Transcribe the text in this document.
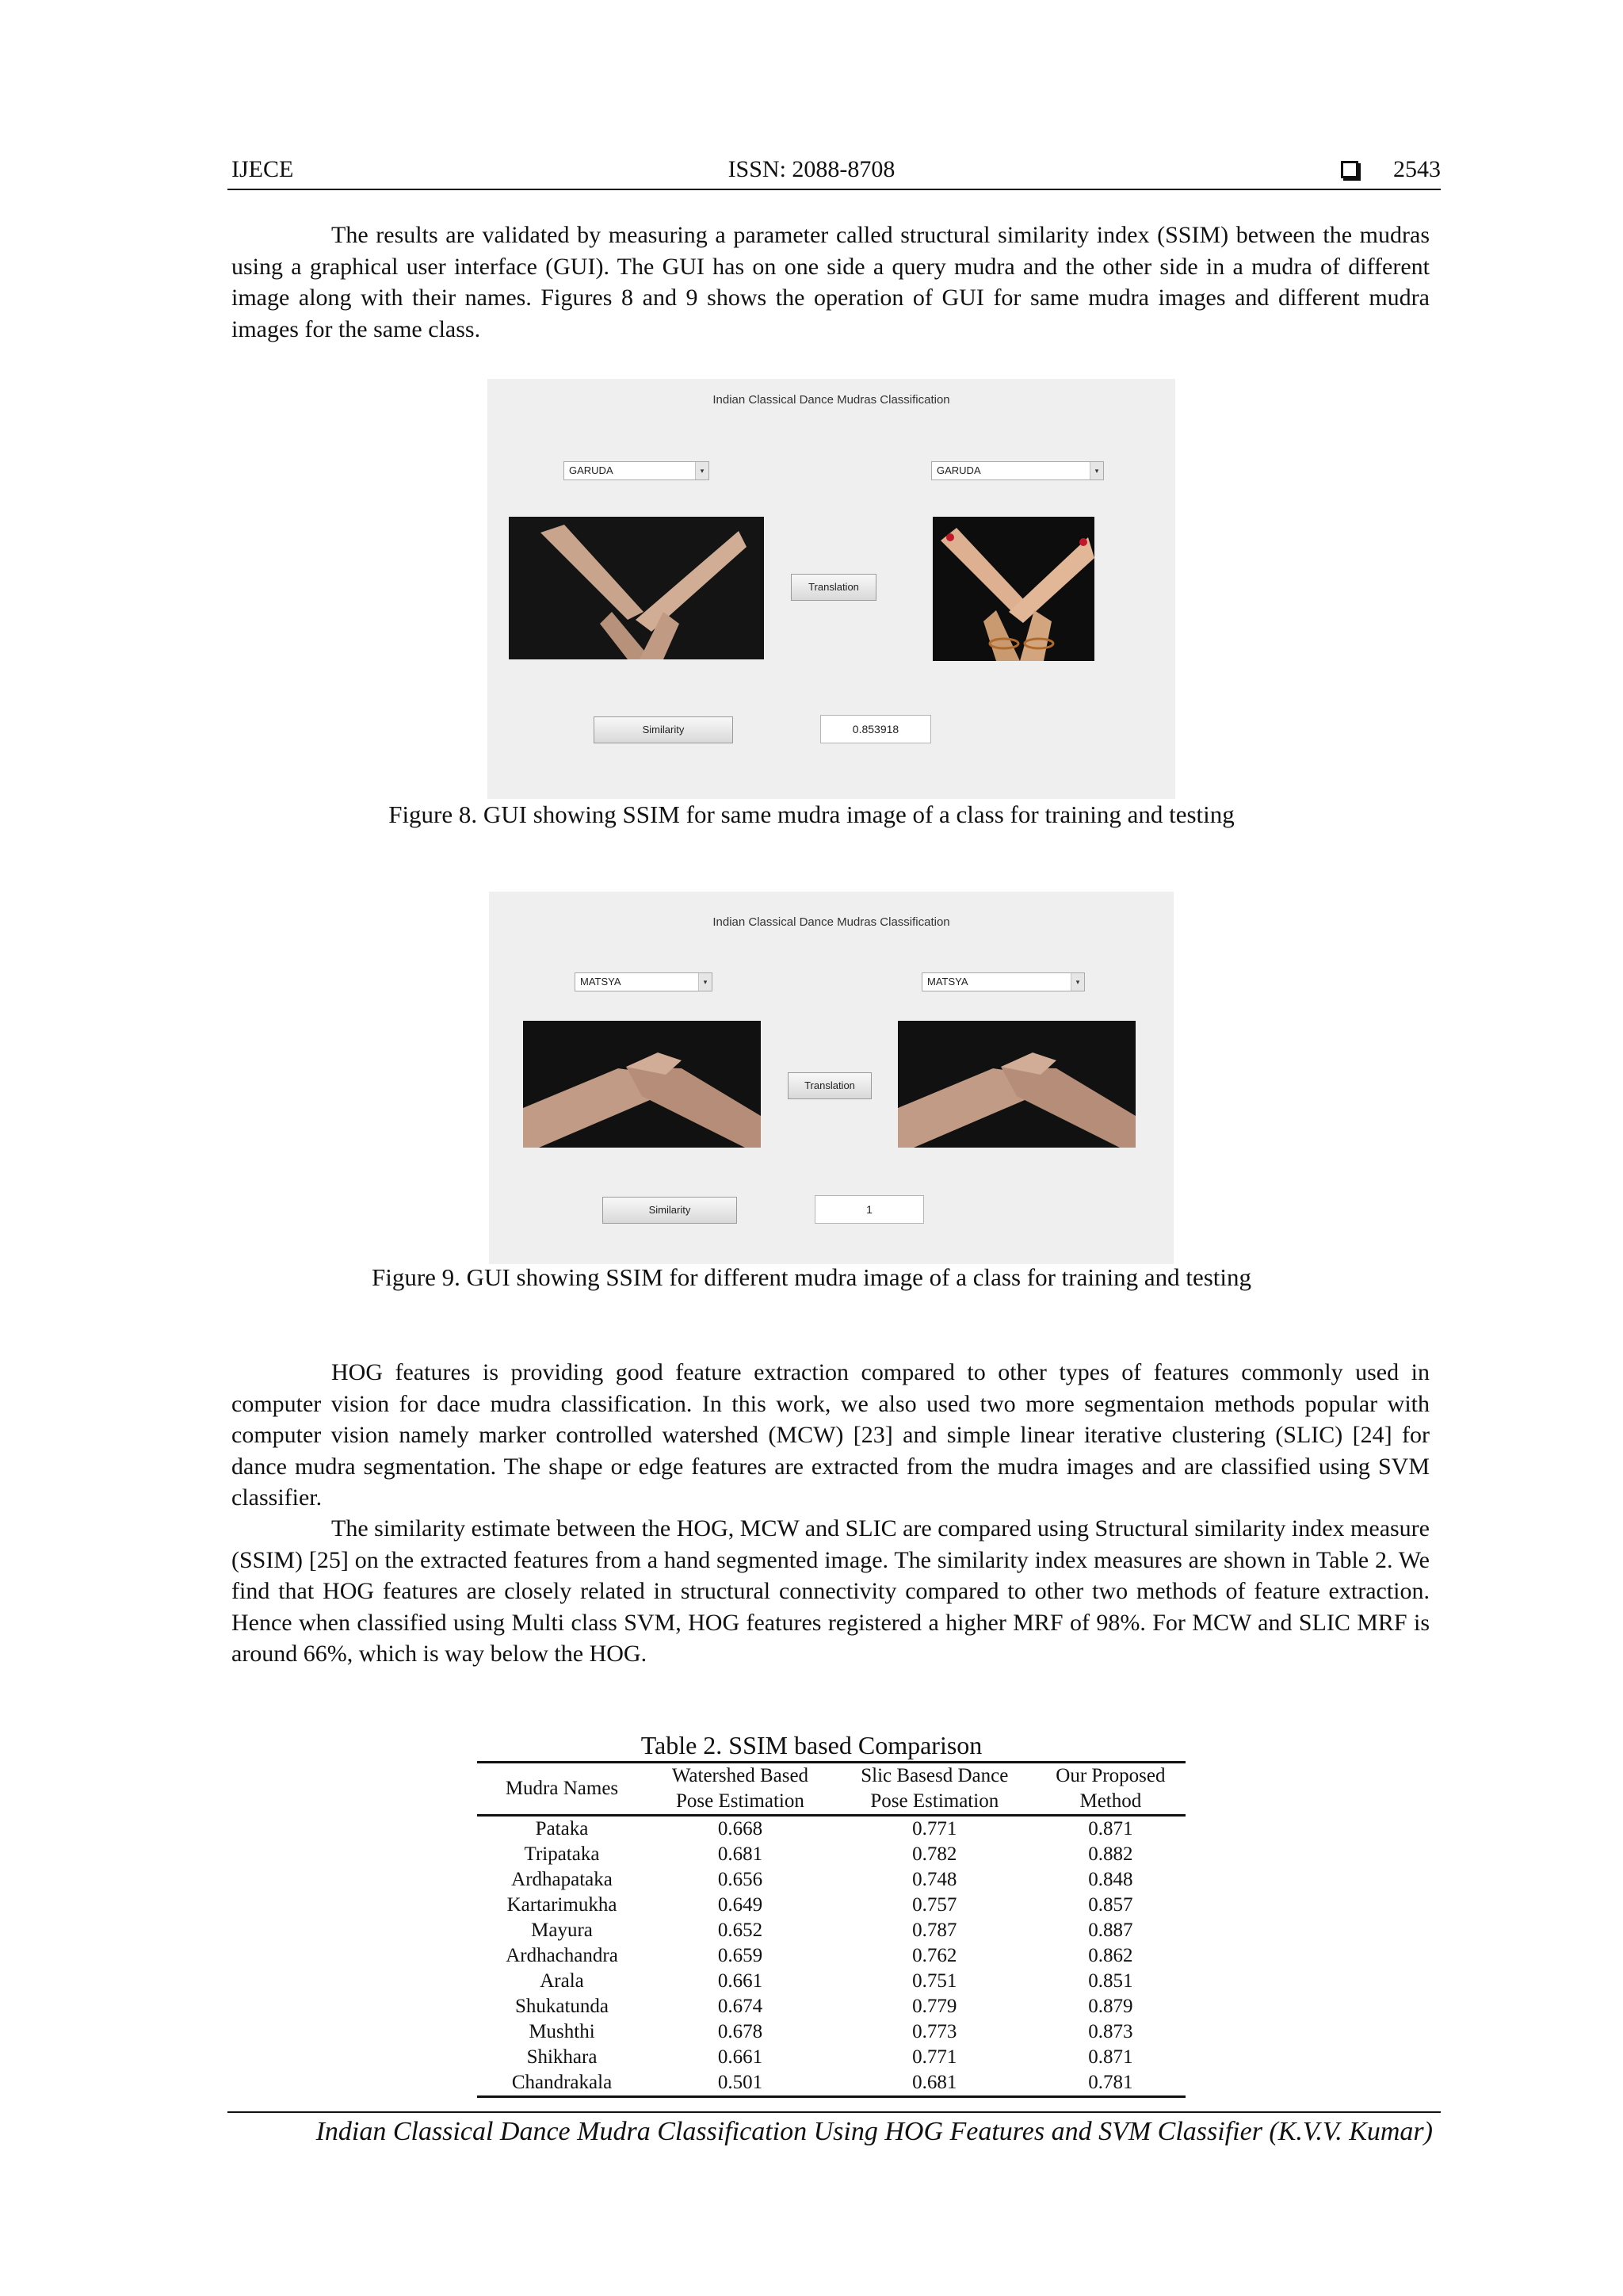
IJECE	ISSN: 2088-8708	2543

The results are validated by measuring a parameter called structural similarity index (SSIM) between the mudras using a graphical user interface (GUI). The GUI has on one side a query mudra and the other side in a mudra of different image along with their names. Figures 8 and 9 shows the operation of GUI for same mudra images and different mudra images for the same class.

Indian Classical Dance Mudras Classification
GARUDA	▾	GARUDA	▾
Translation
Similarity	0.853918
Figure 8. GUI showing SSIM for same mudra image of a class for training and testing
Indian Classical Dance Mudras Classification
MATSYA	▾	MATSYA	▾
Translation
Similarity	1
Figure 9. GUI showing SSIM for different mudra image of a class for training and testing

HOG features is providing good feature extraction compared to other types of features commonly used in computer vision for dace mudra classification. In this work, we also used two more segmentaion methods popular with computer vision namely marker controlled watershed (MCW) [23] and simple linear iterative clustering (SLIC) [24] for dance mudra segmentation. The shape or edge features are extracted from the mudra images and are classified using SVM classifier.

The similarity estimate between the HOG, MCW and SLIC are compared using Structural similarity index measure (SSIM) [25] on the extracted features from a hand segmented image. The similarity index measures are shown in Table 2. We find that HOG features are closely related in structural connectivity compared to other two methods of feature extraction. Hence when classified using Multi class SVM, HOG features registered a higher MRF of 98%. For MCW and SLIC MRF is around 66%, which is way below the HOG.

Table 2. SSIM based Comparison
Mudra Names	Watershed Based	Slic Basesd Dance	Our Proposed
	Pose Estimation	Pose Estimation	Method
Pataka	0.668	0.771	0.871
Tripataka	0.681	0.782	0.882
Ardhapataka	0.656	0.748	0.848
Kartarimukha	0.649	0.757	0.857
Mayura	0.652	0.787	0.887
Ardhachandra	0.659	0.762	0.862
Arala	0.661	0.751	0.851
Shukatunda	0.674	0.779	0.879
Mushthi	0.678	0.773	0.873
Shikhara	0.661	0.771	0.871
Chandrakala	0.501	0.681	0.781
Indian Classical Dance Mudra Classification Using HOG Features and SVM Classifier (K.V.V. Kumar)
